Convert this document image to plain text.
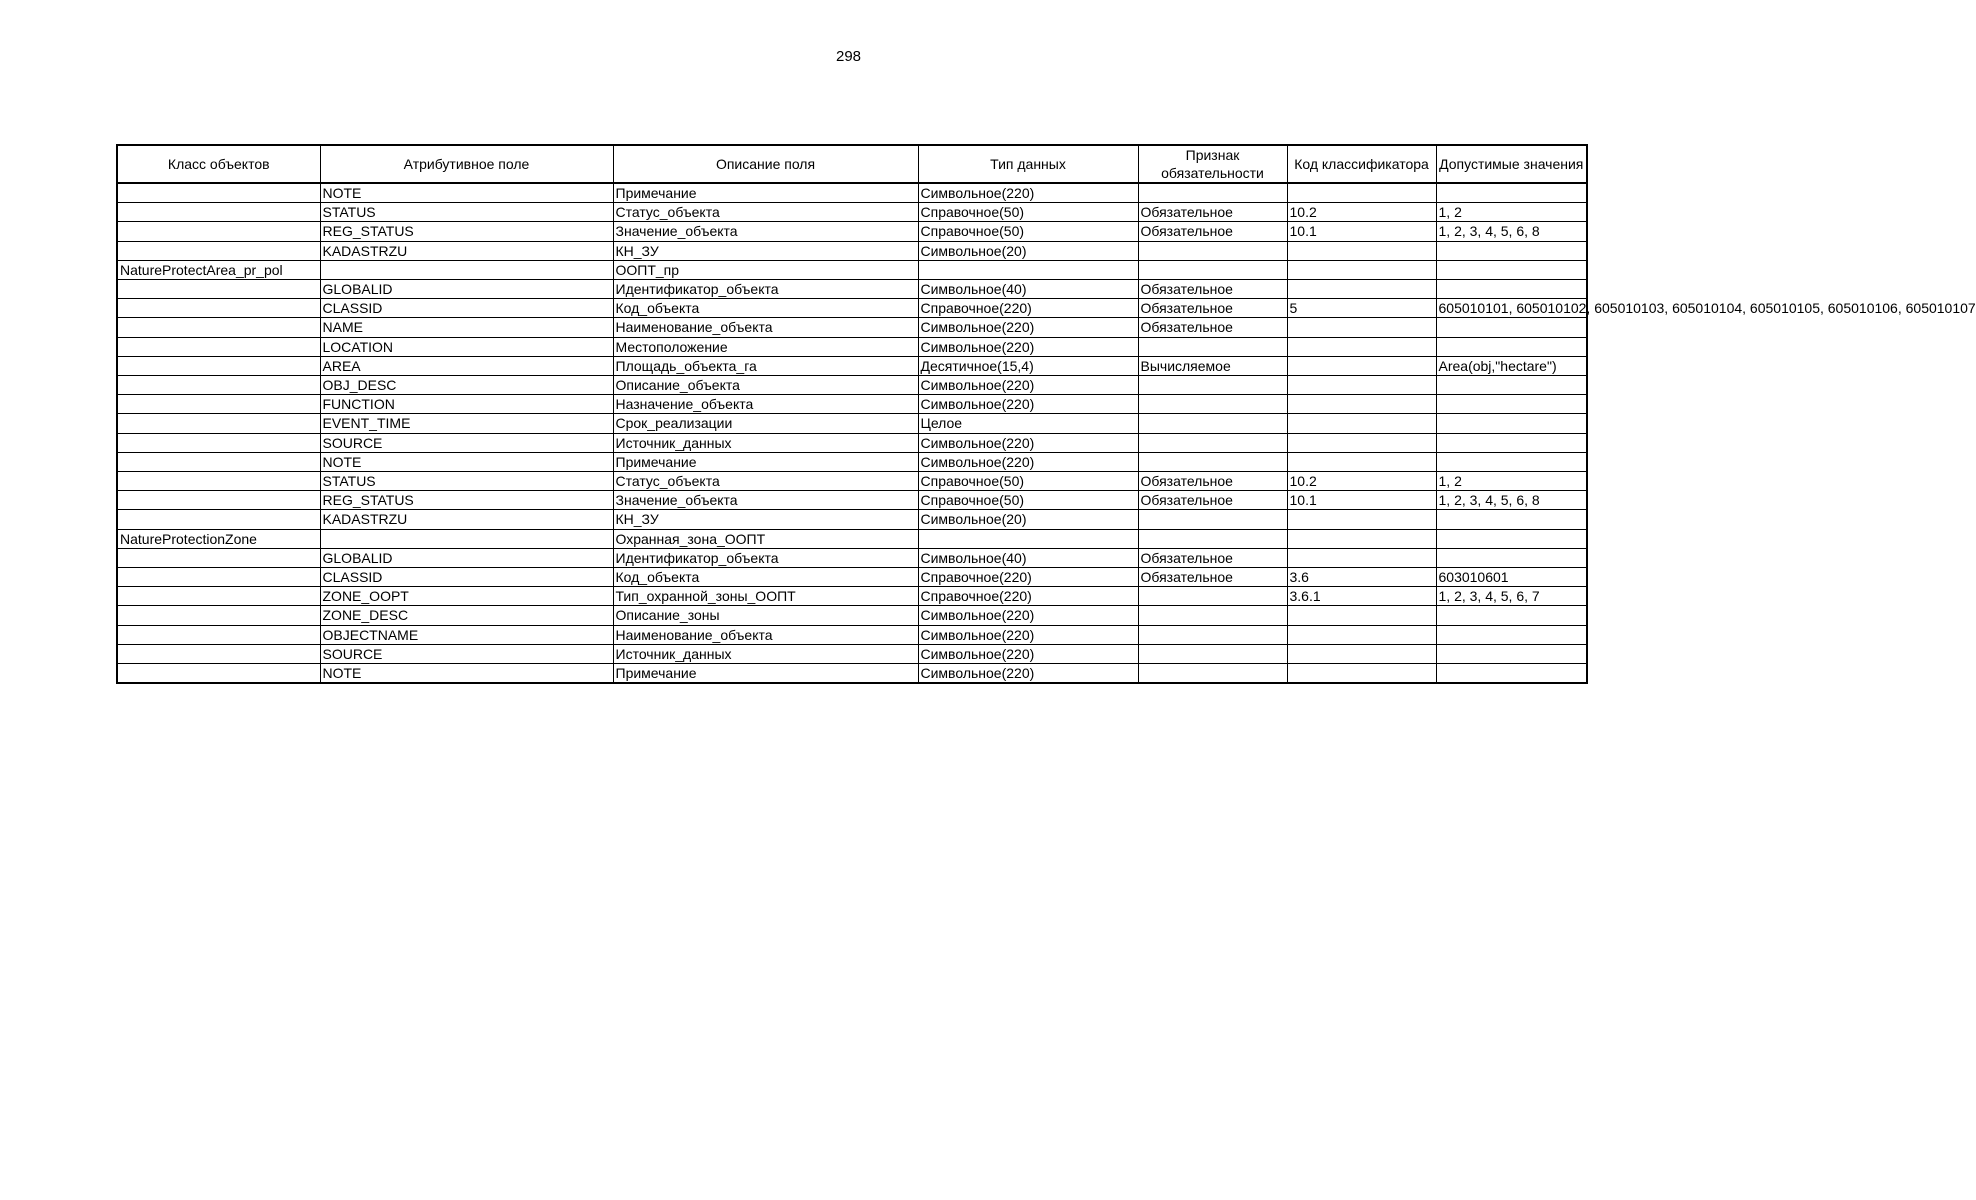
298
Класс объектов	Атрибутивное поле	Описание поля	Тип данных	Признак обязательности	Код классификатора	Допустимые значения
	NOTE	Примечание	Символьное(220)			
	STATUS	Статус_объекта	Справочное(50)	Обязательное	10.2	1, 2
	REG_STATUS	Значение_объекта	Справочное(50)	Обязательное	10.1	1, 2, 3, 4, 5, 6, 8
	KADASTRZU	КН_ЗУ	Символьное(20)			
NatureProtectArea_pr_pol		ООПТ_пр				
	GLOBALID	Идентификатор_объекта	Символьное(40)	Обязательное		
	CLASSID	Код_объекта	Справочное(220)	Обязательное	5	605010101, 605010102, 605010103, 605010104, 605010105, 605010106, 605010107
	NAME	Наименование_объекта	Символьное(220)	Обязательное		
	LOCATION	Местоположение	Символьное(220)			
	AREA	Площадь_объекта_га	Десятичное(15,4)	Вычисляемое		Area(obj,"hectare")
	OBJ_DESC	Описание_объекта	Символьное(220)			
	FUNCTION	Назначение_объекта	Символьное(220)			
	EVENT_TIME	Срок_реализации	Целое			
	SOURCE	Источник_данных	Символьное(220)			
	NOTE	Примечание	Символьное(220)			
	STATUS	Статус_объекта	Справочное(50)	Обязательное	10.2	1, 2
	REG_STATUS	Значение_объекта	Справочное(50)	Обязательное	10.1	1, 2, 3, 4, 5, 6, 8
	KADASTRZU	КН_ЗУ	Символьное(20)			
NatureProtectionZone		Охранная_зона_ООПТ				
	GLOBALID	Идентификатор_объекта	Символьное(40)	Обязательное		
	CLASSID	Код_объекта	Справочное(220)	Обязательное	3.6	603010601
	ZONE_OOPT	Тип_охранной_зоны_ООПТ	Справочное(220)		3.6.1	1, 2, 3, 4, 5, 6, 7
	ZONE_DESC	Описание_зоны	Символьное(220)			
	OBJECTNAME	Наименование_объекта	Символьное(220)			
	SOURCE	Источник_данных	Символьное(220)			
	NOTE	Примечание	Символьное(220)			
